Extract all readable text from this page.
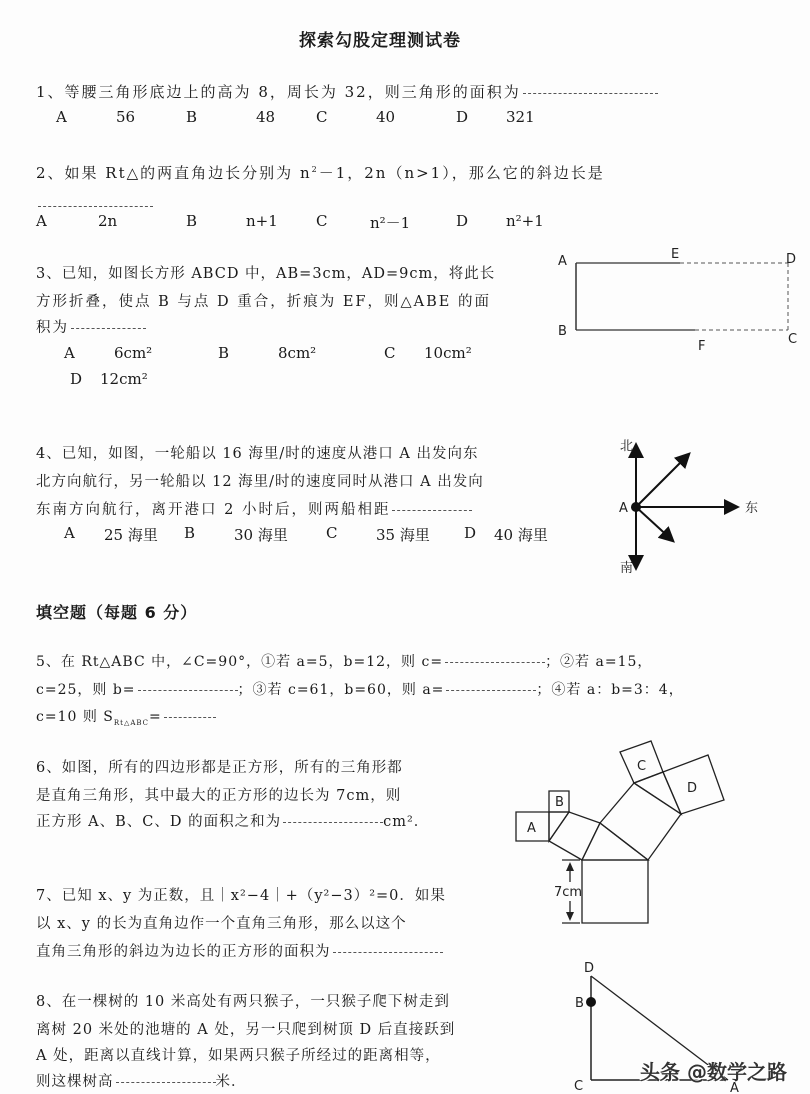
探索勾股定理测试卷
1、等腰三角形底边上的高为 8，周长为 32，则三角形的面积为
A	56	B	48	C	40	D	321
2、如果 Rt△的两直角边长分别为 $n^2-1$，2n（n>1），那么它的斜边长是
A	2n	B	n+1	C	n²－1	D	n²+1
3、已知，如图长方形 ABCD 中，AB=3cm，AD=9cm，将此长
方形折叠，使点 B 与点 D 重合，折痕为 EF，则△ABE 的面
积为
A	6cm²	B	8cm²	C 10cm²
D 12cm²
A	E	D
B
F	C
4、已知，如图，一轮船以 16 海里/时的速度从港口 A 出发向东
北方向航行，另一轮船以 12 海里/时的速度同时从港口 A 出发向
东南方向航行，离开港口 2 小时后，则两船相距
A 25 海里 B	30 海里	C	35 海里 D 40 海里
北
南
东
A
填空题（每题 6 分）
5、在 Rt△ABC 中，∠C=90°，①若 a=5，b=12，则 c=	；②若 a=15，
c=25，则 b=	；③若 c=61，b=60，则 a=	；④若 a：b=3：4，
c=10 则 $S_{Rt\triangle ABC}=$
6、如图，所有的四边形都是正方形，所有的三角形都
是直角三角形，其中最大的正方形的边长为 7cm，则
正方形 A、B、C、D 的面积之和为	cm²．	A
B
C
D
7cm
7、已知 x、y 为正数，且｜x²−4｜+（y²−3）²=0．如果
以 x、y 的长为直角边作一个直角三角形，那么以这个
直角三角形的斜边为边长的正方形的面积为
8、在一棵树的 10 米高处有两只猴子，一只猴子爬下树走到
离树 20 米处的池塘的 A 处，另一只爬到树顶 D 后直接跃到
A 处，距离以直线计算，如果两只猴子所经过的距离相等，
则这棵树高	米．
D
B
C	A
头条 @数学之路
